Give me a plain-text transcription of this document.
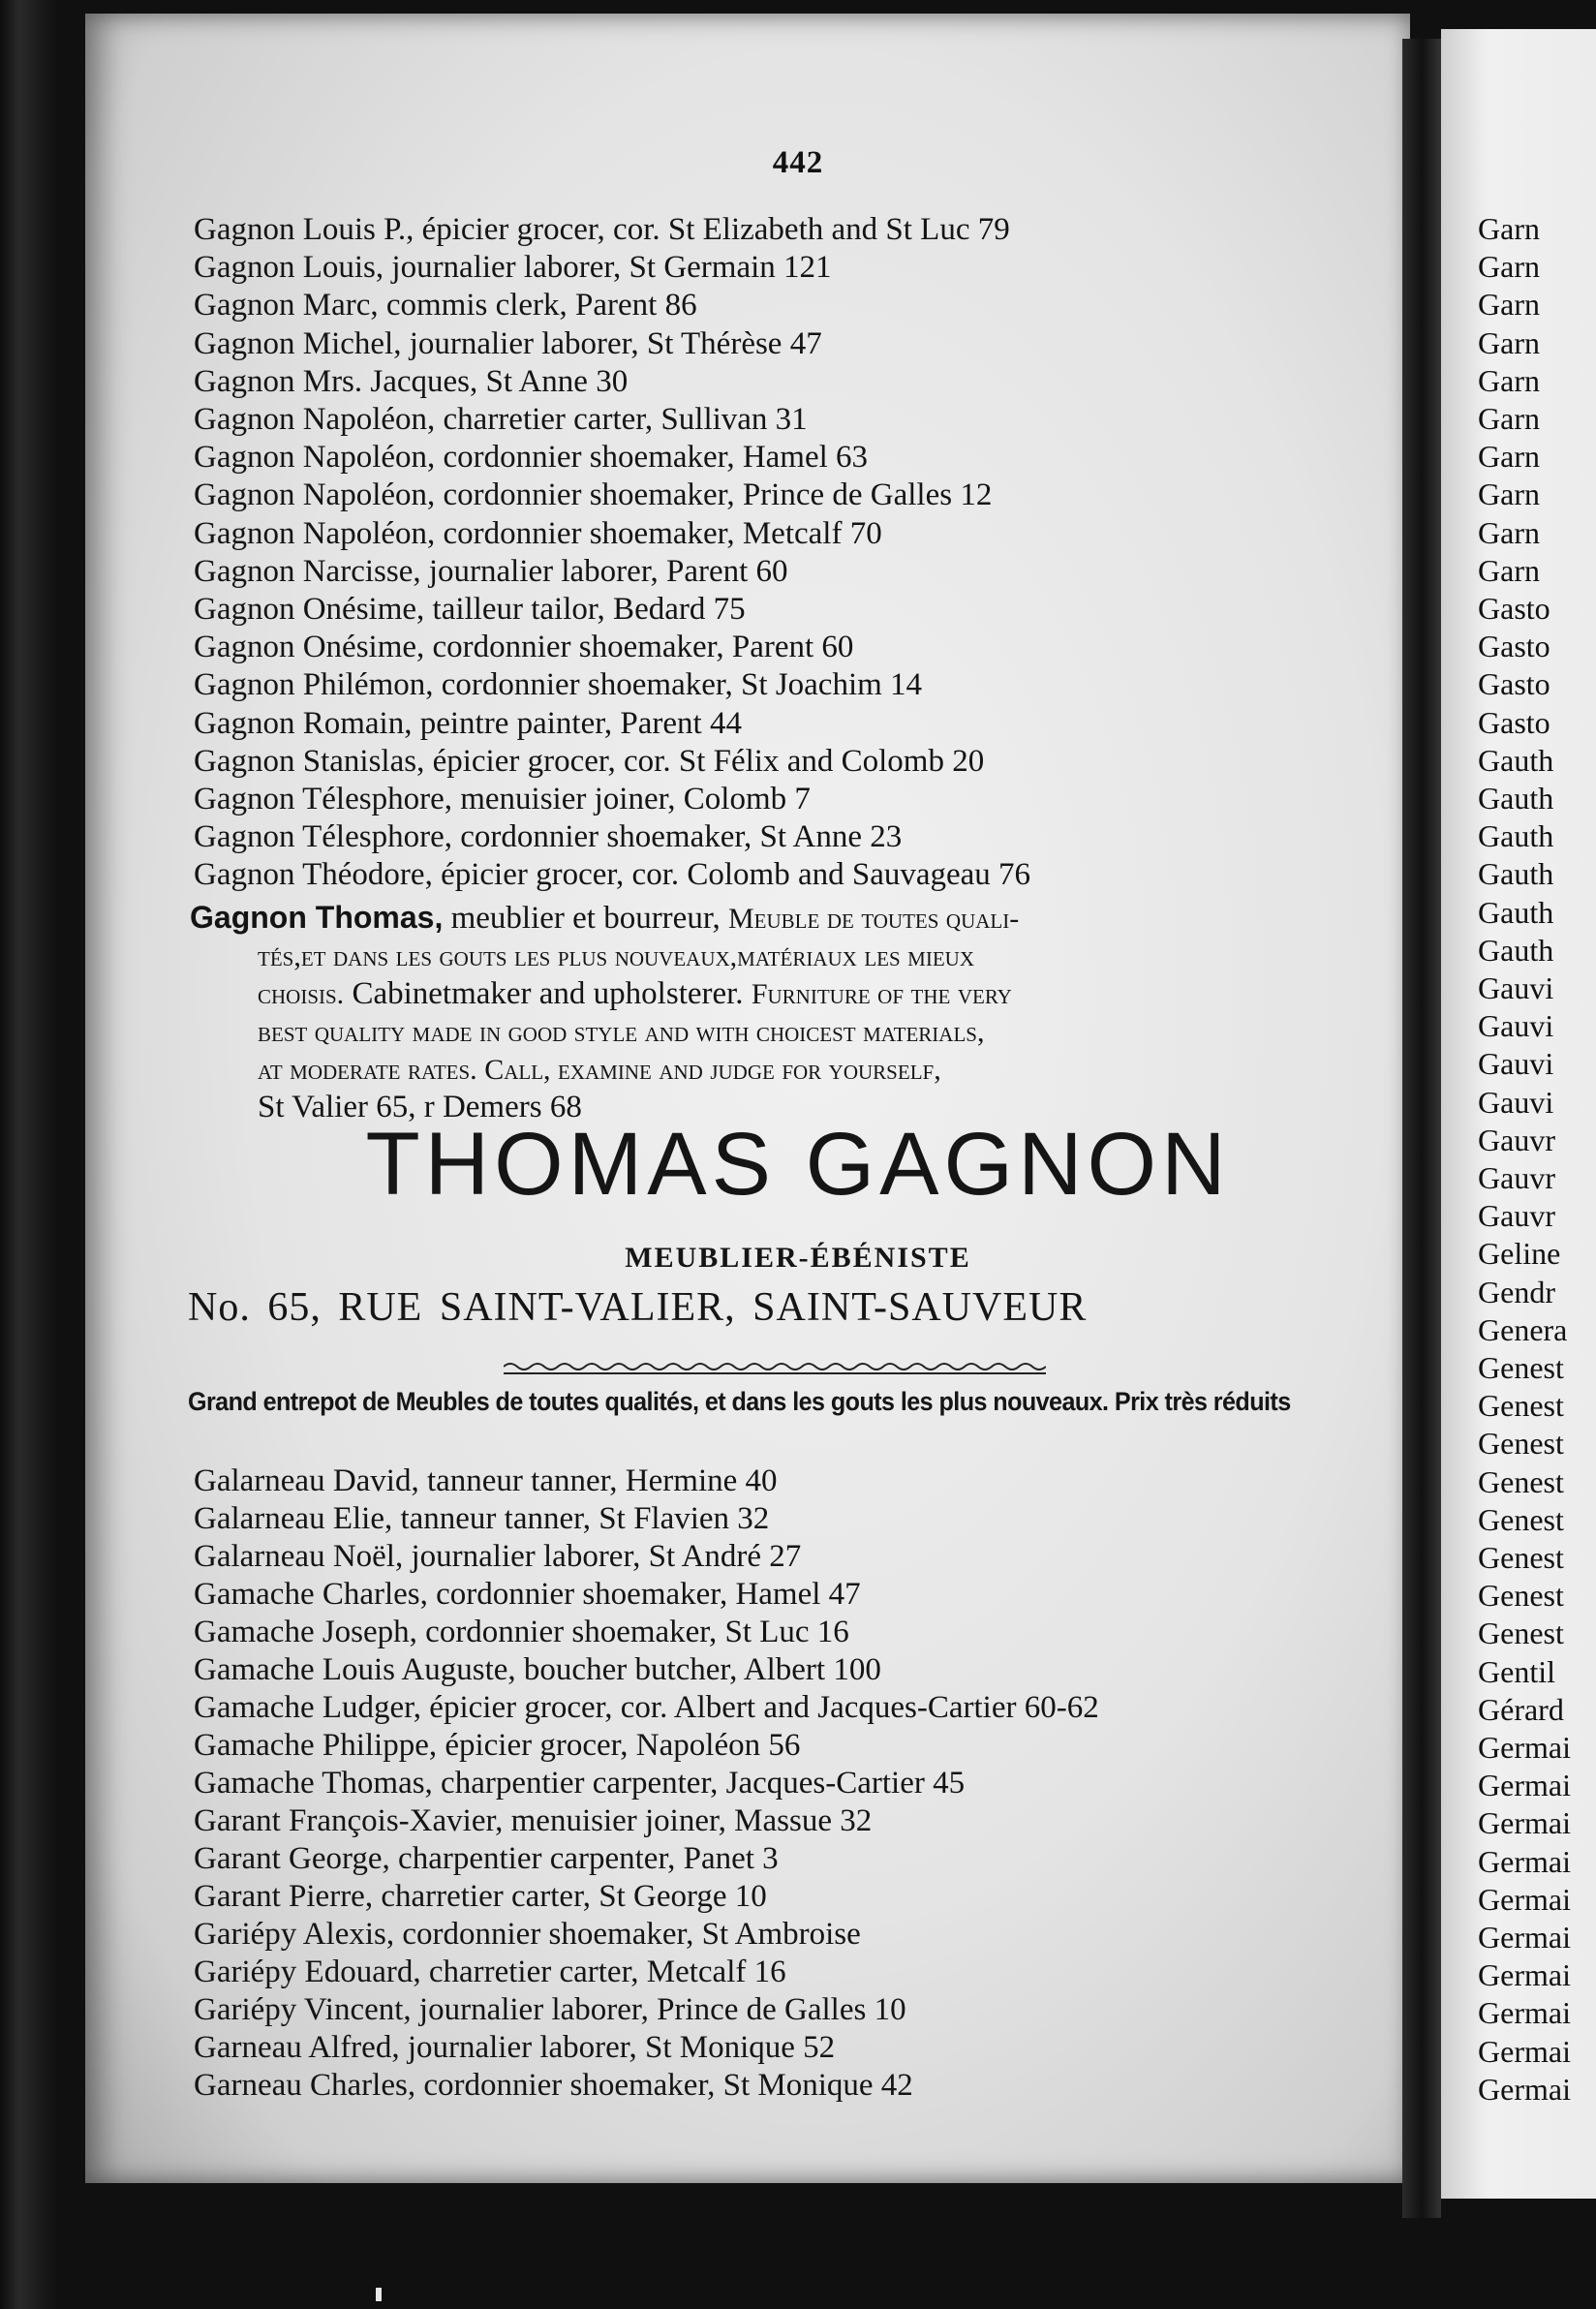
Garn
Garn
Garn
Garn
Garn
Garn
Garn
Garn
Garn
Garn
Gasto
Gasto
Gasto
Gasto
Gauth
Gauth
Gauth
Gauth
Gauth
Gauth
Gauvi
Gauvi
Gauvi
Gauvi
Gauvr
Gauvr
Gauvr
Geline
Gendr
Genera
Genest
Genest
Genest
Genest
Genest
Genest
Genest
Genest
Gentil
Gérard
Germai
Germai
Germai
Germai
Germai
Germai
Germai
Germai
Germai
Germai
442
Gagnon Louis P., épicier grocer, cor. St Elizabeth and St Luc 79
Gagnon Louis, journalier laborer, St Germain 121
Gagnon Marc, commis clerk, Parent 86
Gagnon Michel, journalier laborer, St Thérèse 47
Gagnon Mrs. Jacques, St Anne 30
Gagnon Napoléon, charretier carter, Sullivan 31
Gagnon Napoléon, cordonnier shoemaker, Hamel 63
Gagnon Napoléon, cordonnier shoemaker, Prince de Galles 12
Gagnon Napoléon, cordonnier shoemaker, Metcalf 70
Gagnon Narcisse, journalier laborer, Parent 60
Gagnon Onésime, tailleur tailor, Bedard 75
Gagnon Onésime, cordonnier shoemaker, Parent 60
Gagnon Philémon, cordonnier shoemaker, St Joachim 14
Gagnon Romain, peintre painter, Parent 44
Gagnon Stanislas, épicier grocer, cor. St Félix and Colomb 20
Gagnon Télesphore, menuisier joiner, Colomb 7
Gagnon Télesphore, cordonnier shoemaker, St Anne 23
Gagnon Théodore, épicier grocer, cor. Colomb and Sauvageau 76
Gagnon Thomas, meublier et bourreur, Meuble de toutes quali-
tés,et dans les gouts les plus nouveaux,matériaux les mieux
choisis. Cabinetmaker and upholsterer. Furniture of the very
best quality made in good style and with choicest materials,
at moderate rates. Call, examine and judge for yourself,
St Valier 65, r Demers 68
THOMAS GAGNON
MEUBLIER-ÉBÉNISTE
No. 65, RUE SAINT-VALIER, SAINT-SAUVEUR
Grand entrepot de Meubles de toutes qualités, et dans les gouts les plus nouveaux. Prix très réduits
Galarneau David, tanneur tanner, Hermine 40
Galarneau Elie, tanneur tanner, St Flavien 32
Galarneau Noël, journalier laborer, St André 27
Gamache Charles, cordonnier shoemaker, Hamel 47
Gamache Joseph, cordonnier shoemaker, St Luc 16
Gamache Louis Auguste, boucher butcher, Albert 100
Gamache Ludger, épicier grocer, cor. Albert and Jacques-Cartier 60-62
Gamache Philippe, épicier grocer, Napoléon 56
Gamache Thomas, charpentier carpenter, Jacques-Cartier 45
Garant François-Xavier, menuisier joiner, Massue 32
Garant George, charpentier carpenter, Panet 3
Garant Pierre, charretier carter, St George 10
Gariépy Alexis, cordonnier shoemaker, St Ambroise
Gariépy Edouard, charretier carter, Metcalf 16
Gariépy Vincent, journalier laborer, Prince de Galles 10
Garneau Alfred, journalier laborer, St Monique 52
Garneau Charles, cordonnier shoemaker, St Monique 42
